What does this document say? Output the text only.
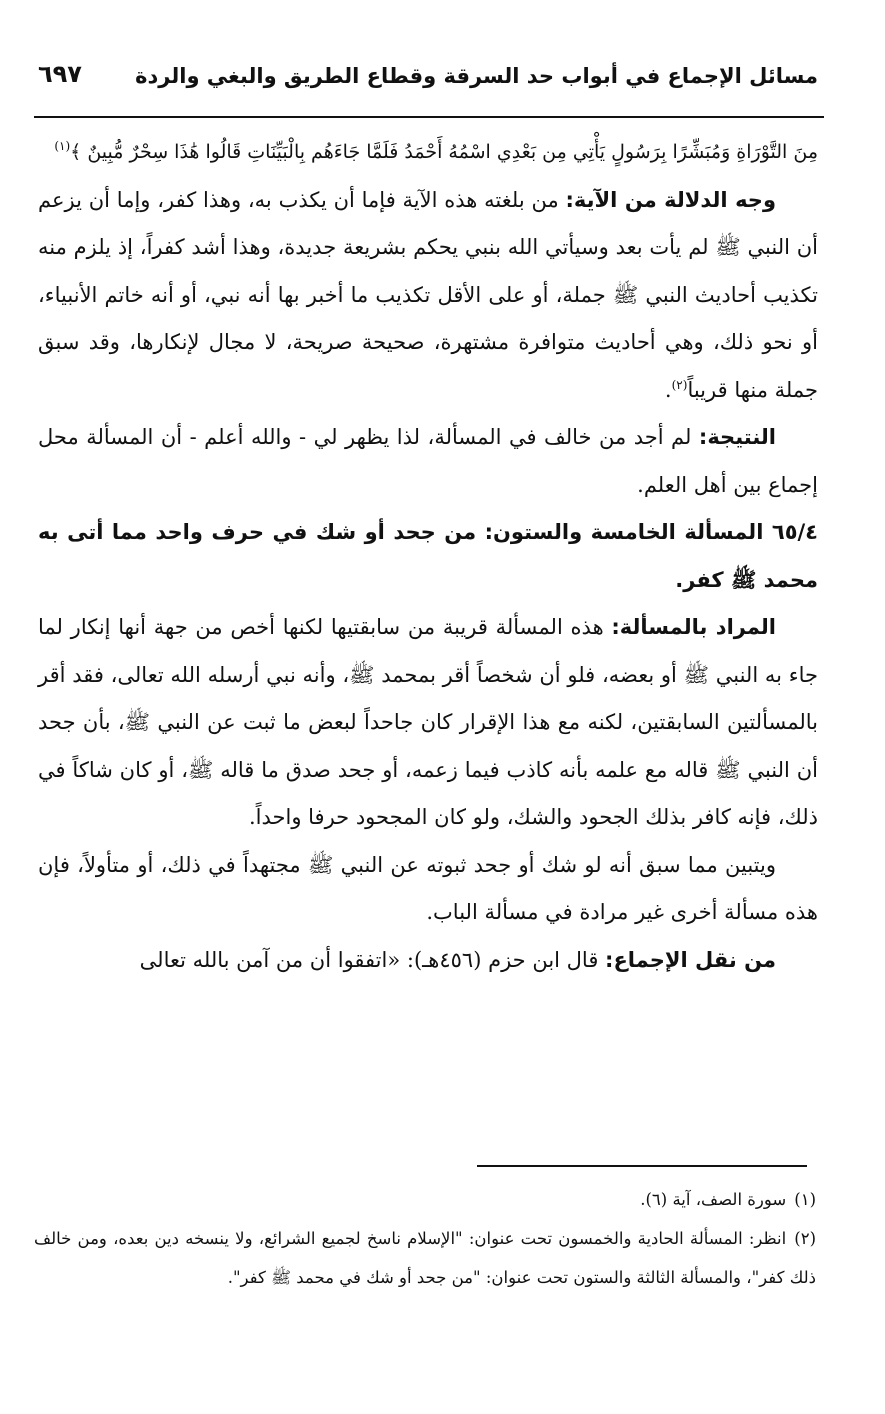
مسائل الإجماع في أبواب حد السرقة وقطاع الطريق والبغي والردة
٦٩٧

مِنَ التَّوْرَاةِ وَمُبَشِّرًا بِرَسُولٍ يَأْتِي مِن بَعْدِي اسْمُهُ أَحْمَدُ فَلَمَّا جَاءَهُم بِالْبَيِّنَاتِ قَالُوا هَٰذَا سِحْرٌ مُّبِينٌ ﴾$^{(١)}$

وجه الدلالة من الآية: من بلغته هذه الآية فإما أن يكذب به، وهذا كفر، وإما أن يزعم أن النبي ﷺ لم يأت بعد وسيأتي الله بنبي يحكم بشريعة جديدة، وهذا أشد كفراً، إذ يلزم منه تكذيب أحاديث النبي ﷺ جملة، أو على الأقل تكذيب ما أخبر بها أنه نبي، أو أنه خاتم الأنبياء، أو نحو ذلك، وهي أحاديث متوافرة مشتهرة، صحيحة صريحة، لا مجال لإنكارها، وقد سبق جملة منها قريباً$^{(٢)}$.

النتيجة: لم أجد من خالف في المسألة، لذا يظهر لي - والله أعلم - أن المسألة محل إجماع بين أهل العلم.

٦٥/٤ المسألة الخامسة والستون: من جحد أو شك في حرف واحد مما أتى به محمد ﷺ كفر.

المراد بالمسألة: هذه المسألة قريبة من سابقتيها لكنها أخص من جهة أنها إنكار لما جاء به النبي ﷺ أو بعضه، فلو أن شخصاً أقر بمحمد ﷺ، وأنه نبي أرسله الله تعالى، فقد أقر بالمسألتين السابقتين، لكنه مع هذا الإقرار كان جاحداً لبعض ما ثبت عن النبي ﷺ، بأن جحد أن النبي ﷺ قاله مع علمه بأنه كاذب فيما زعمه، أو جحد صدق ما قاله ﷺ، أو كان شاكاً في ذلك، فإنه كافر بذلك الجحود والشك، ولو كان المجحود حرفا واحداً.

ويتبين مما سبق أنه لو شك أو جحد ثبوته عن النبي ﷺ مجتهداً في ذلك، أو متأولاً، فإن هذه مسألة أخرى غير مرادة في مسألة الباب.

من نقل الإجماع: قال ابن حزم (٤٥٦هـ): «اتفقوا أن من آمن بالله تعالى

(١)سورة الصف، آية (٦).

(٢)انظر: المسألة الحادية والخمسون تحت عنوان: "الإسلام ناسخ لجميع الشرائع، ولا ينسخه دين بعده، ومن خالف ذلك كفر"، والمسألة الثالثة والستون تحت عنوان: "من جحد أو شك في محمد ﷺ كفر".
